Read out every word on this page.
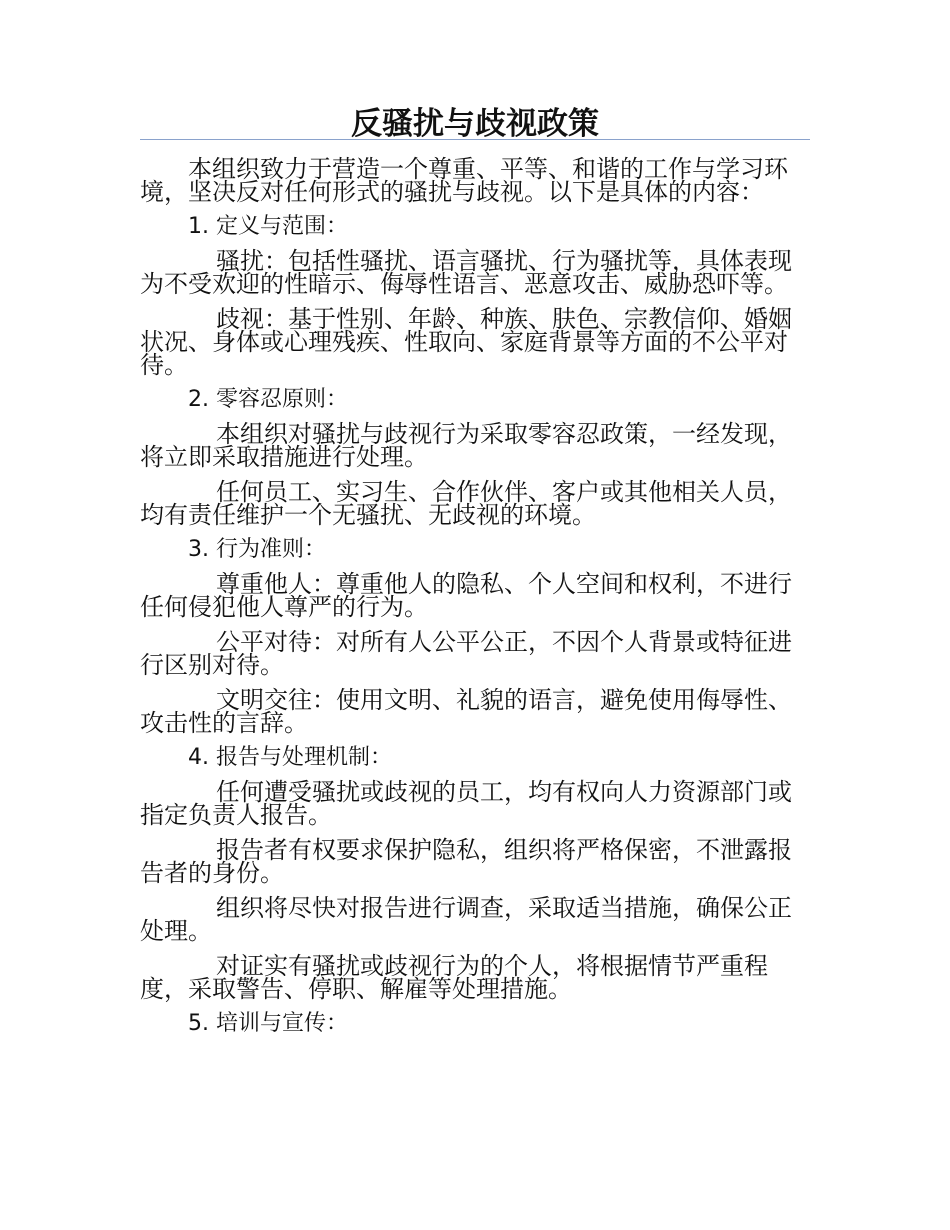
反骚扰与歧视政策

本组织致力于营造一个尊重、平等、和谐的工作与学习环境，坚决反对任何形式的骚扰与歧视。以下是具体的内容：

1. 定义与范围：

骚扰：包括性骚扰、语言骚扰、行为骚扰等，具体表现为不受欢迎的性暗示、侮辱性语言、恶意攻击、威胁恐吓等。

歧视：基于性别、年龄、种族、肤色、宗教信仰、婚姻状况、身体或心理残疾、性取向、家庭背景等方面的不公平对待。

2. 零容忍原则：

本组织对骚扰与歧视行为采取零容忍政策，一经发现，将立即采取措施进行处理。

任何员工、实习生、合作伙伴、客户或其他相关人员，均有责任维护一个无骚扰、无歧视的环境。

3. 行为准则：

尊重他人：尊重他人的隐私、个人空间和权利，不进行任何侵犯他人尊严的行为。

公平对待：对所有人公平公正，不因个人背景或特征进行区别对待。

文明交往：使用文明、礼貌的语言，避免使用侮辱性、攻击性的言辞。

4. 报告与处理机制：

任何遭受骚扰或歧视的员工，均有权向人力资源部门或指定负责人报告。

报告者有权要求保护隐私，组织将严格保密，不泄露报告者的身份。

组织将尽快对报告进行调查，采取适当措施，确保公正处理。

对证实有骚扰或歧视行为的个人，将根据情节严重程度，采取警告、停职、解雇等处理措施。

5. 培训与宣传：
